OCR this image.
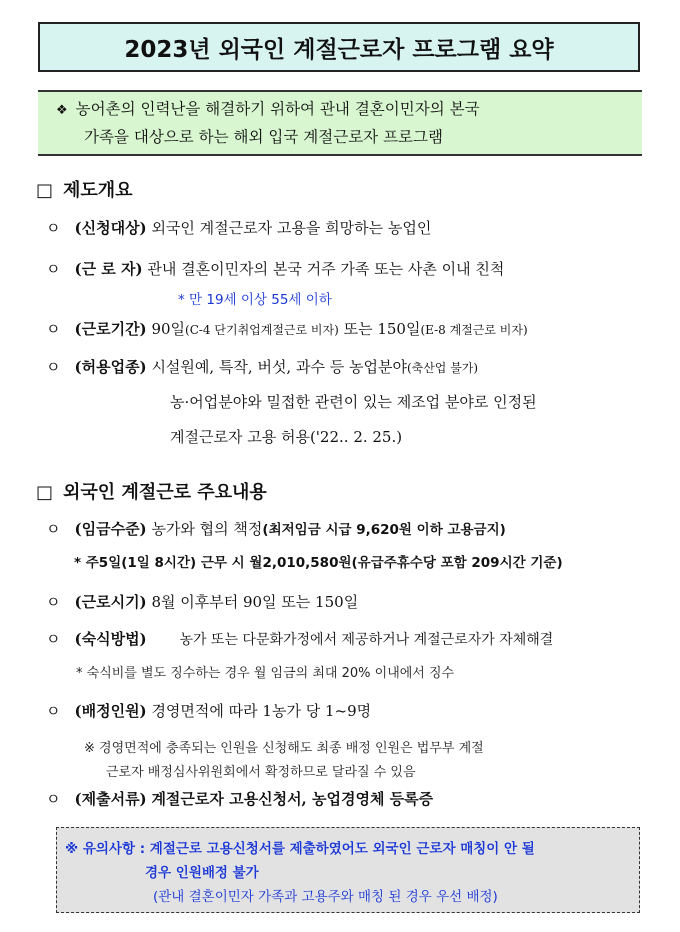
2023년 외국인 계절근로자 프로그램 요약
❖ 농어촌의 인력난을 해결하기 위하여 관내 결혼이민자의 본국
가족을 대상으로 하는 해외 입국 계절근로자 프로그램
□ 제도개요
ㅇ (신청대상) 외국인 계절근로자 고용을 희망하는 농업인
ㅇ (근 로 자) 관내 결혼이민자의 본국 거주 가족 또는 사촌 이내 친척
* 만 19세 이상 55세 이하
ㅇ (근로기간) 90일(C-4 단기취업계절근로 비자) 또는 150일(E-8 계절근로 비자)
ㅇ (허용업종) 시설원예, 특작, 버섯, 과수 등 농업분야(축산업 불가)
농·어업분야와 밀접한 관련이 있는 제조업 분야로 인정된
계절근로자 고용 허용('22.. 2. 25.)
□ 외국인 계절근로 주요내용
ㅇ (임금수준) 농가와 협의 책정(최저임금 시급 9,620원 이하 고용금지)
* 주5일(1일 8시간) 근무 시 월2,010,580원(유급주휴수당 포함 209시간 기준)
ㅇ (근로시기) 8월 이후부터 90일 또는 150일
ㅇ (숙식방법) 농가 또는 다문화가정에서 제공하거나 계절근로자가 자체해결
* 숙식비를 별도 징수하는 경우 월 임금의 최대 20% 이내에서 징수
ㅇ (배정인원) 경영면적에 따라 1농가 당 1~9명
※ 경영면적에 충족되는 인원을 신청해도 최종 배정 인원은 법무부 계절
근로자 배정심사위원회에서 확정하므로 달라질 수 있음
ㅇ (제출서류) 계절근로자 고용신청서, 농업경영체 등록증
※ 유의사항 : 계절근로 고용신청서를 제출하였어도 외국인 근로자 매칭이 안 될
경우 인원배정 불가
(관내 결혼이민자 가족과 고용주와 매칭 된 경우 우선 배정)
